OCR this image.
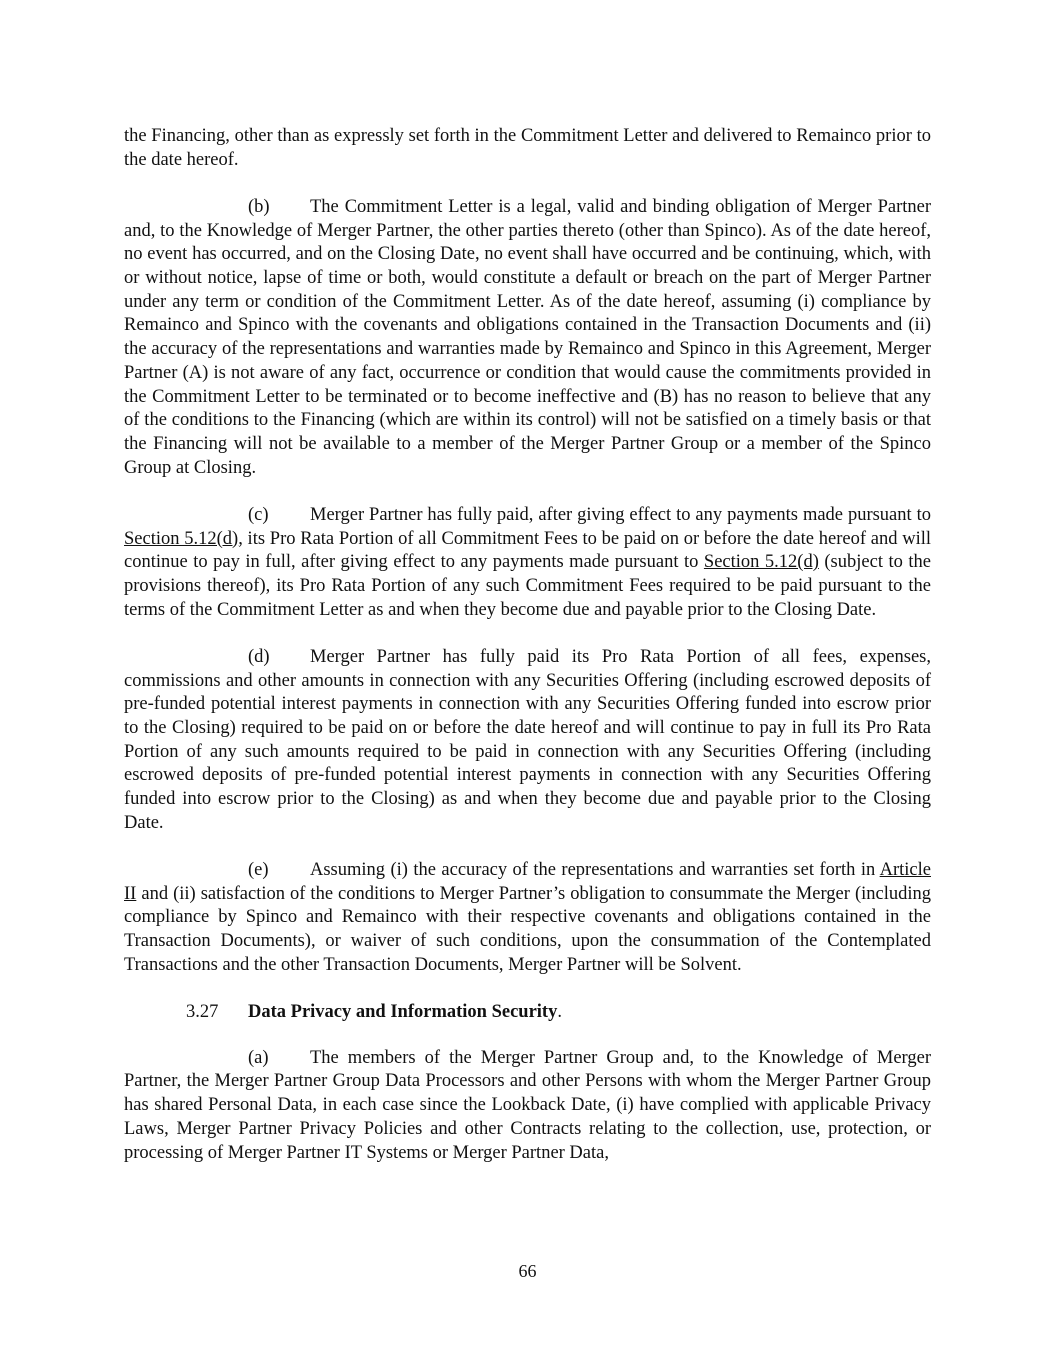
the Financing, other than as expressly set forth in the Commitment Letter and delivered to Remainco prior to the date hereof.

(b) The Commitment Letter is a legal, valid and binding obligation of Merger Partner and, to the Knowledge of Merger Partner, the other parties thereto (other than Spinco). As of the date hereof, no event has occurred, and on the Closing Date, no event shall have occurred and be continuing, which, with or without notice, lapse of time or both, would constitute a default or breach on the part of Merger Partner under any term or condition of the Commitment Letter. As of the date hereof, assuming (i) compliance by Remainco and Spinco with the covenants and obligations contained in the Transaction Documents and (ii) the accuracy of the representations and warranties made by Remainco and Spinco in this Agreement, Merger Partner (A) is not aware of any fact, occurrence or condition that would cause the commitments provided in the Commitment Letter to be terminated or to become ineffective and (B) has no reason to believe that any of the conditions to the Financing (which are within its control) will not be satisfied on a timely basis or that the Financing will not be available to a member of the Merger Partner Group or a member of the Spinco Group at Closing.

(c) Merger Partner has fully paid, after giving effect to any payments made pursuant to Section 5.12(d), its Pro Rata Portion of all Commitment Fees to be paid on or before the date hereof and will continue to pay in full, after giving effect to any payments made pursuant to Section 5.12(d) (subject to the provisions thereof), its Pro Rata Portion of any such Commitment Fees required to be paid pursuant to the terms of the Commitment Letter as and when they become due and payable prior to the Closing Date.

(d) Merger Partner has fully paid its Pro Rata Portion of all fees, expenses, commissions and other amounts in connection with any Securities Offering (including escrowed deposits of pre-funded potential interest payments in connection with any Securities Offering funded into escrow prior to the Closing) required to be paid on or before the date hereof and will continue to pay in full its Pro Rata Portion of any such amounts required to be paid in connection with any Securities Offering (including escrowed deposits of pre-funded potential interest payments in connection with any Securities Offering funded into escrow prior to the Closing) as and when they become due and payable prior to the Closing Date.

(e) Assuming (i) the accuracy of the representations and warranties set forth in Article II and (ii) satisfaction of the conditions to Merger Partner’s obligation to consummate the Merger (including compliance by Spinco and Remainco with their respective covenants and obligations contained in the Transaction Documents), or waiver of such conditions, upon the consummation of the Contemplated Transactions and the other Transaction Documents, Merger Partner will be Solvent.

3.27 Data Privacy and Information Security.

(a) The members of the Merger Partner Group and, to the Knowledge of Merger Partner, the Merger Partner Group Data Processors and other Persons with whom the Merger Partner Group has shared Personal Data, in each case since the Lookback Date, (i) have complied with applicable Privacy Laws, Merger Partner Privacy Policies and other Contracts relating to the collection, use, protection, or processing of Merger Partner IT Systems or Merger Partner Data,

66
